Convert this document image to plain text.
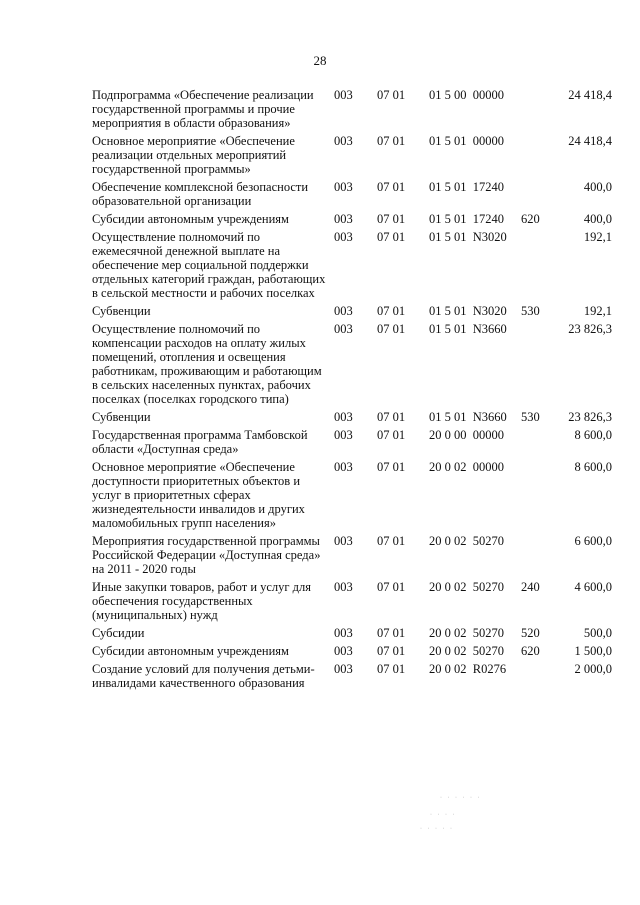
28
Подпрограмма «Обеспечение реализации государственной программы и прочие мероприятия в области образования»
003	07 01	01 5 00  00000	24 418,4
Основное мероприятие «Обеспечение реализации отдельных мероприятий государственной программы»
003	07 01	01 5 01  00000	24 418,4
Обеспечение комплексной безопасности образовательной организации
003	07 01	01 5 01  17240	400,0
Субсидии автономным учреждениям	003	07 01	01 5 01  17240	620	400,0
Осуществление полномочий по ежемесячной денежной выплате на обеспечение мер социальной поддержки отдельных категорий граждан, работающих в сельской местности и рабочих поселках
003	07 01	01 5 01  N3020	192,1
Субвенции	003	07 01	01 5 01  N3020	530	192,1
Осуществление полномочий по компенсации расходов на оплату жилых помещений, отопления и освещения работникам, проживающим и работающим в сельских населенных пунктах, рабочих поселках (поселках городского типа)
003	07 01	01 5 01  N3660	23 826,3
Субвенции	003	07 01	01 5 01  N3660	530	23 826,3
Государственная программа Тамбовской области «Доступная среда»
003	07 01	20 0 00  00000	8 600,0
Основное мероприятие «Обеспечение доступности приоритетных объектов и услуг в приоритетных сферах жизнедеятельности инвалидов и других маломобильных групп населения»
003	07 01	20 0 02  00000	8 600,0
Мероприятия государственной программы Российской Федерации «Доступная среда» на 2011 - 2020 годы
003	07 01	20 0 02  50270	6 600,0
Иные закупки товаров, работ и услуг для обеспечения государственных (муниципальных) нужд
003	07 01	20 0 02  50270	240	4 600,0
Субсидии	003	07 01	20 0 02  50270	520	500,0
Субсидии автономным учреждениям	003	07 01	20 0 02  50270	620	1 500,0
Создание условий для получения детьми-инвалидами качественного образования
003	07 01	20 0 02  R0276	2 000,0
· · · · · ·
· · · ·
· · · · ·
